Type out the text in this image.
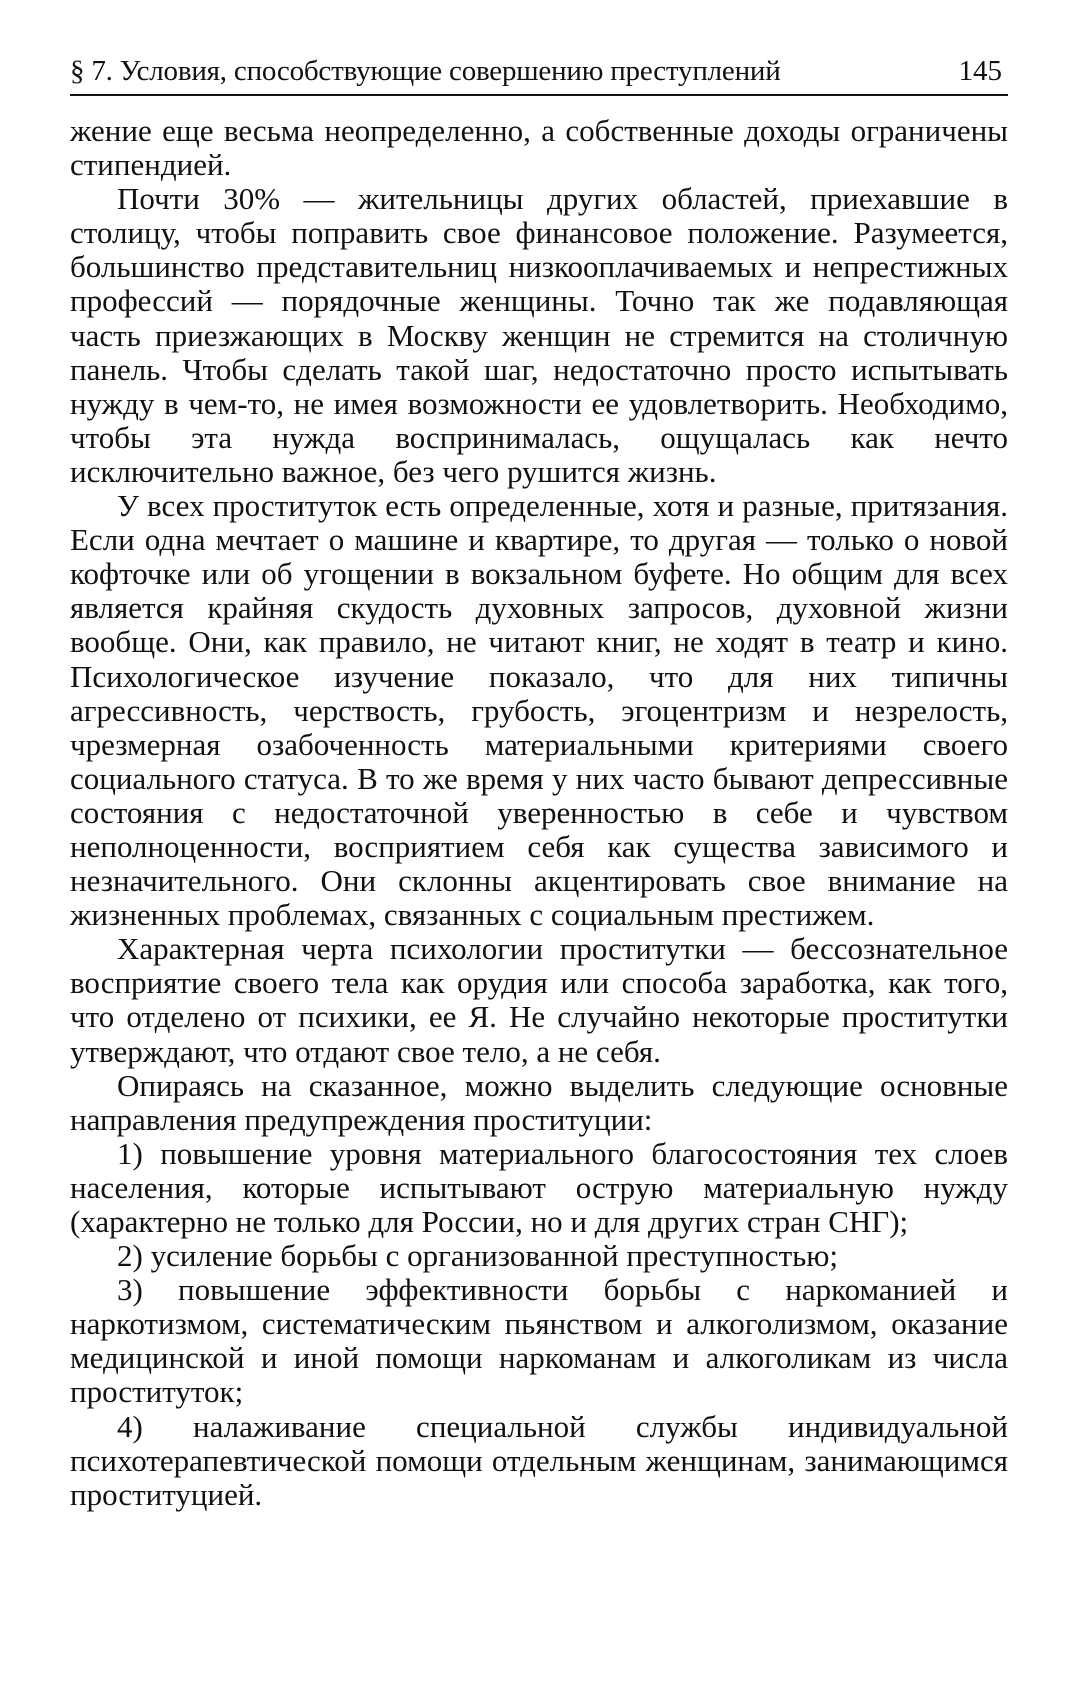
§ 7. Условия, способствующие совершению преступлений	145

жение еще весьма неопределенно, а собственные доходы ограничены стипендией.

Почти 30% — жительницы других областей, приехавшие в столицу, чтобы поправить свое финансовое положение. Разумеется, большинство представительниц низкооплачиваемых и непрестижных профессий — порядочные женщины. Точно так же подавляющая часть приезжающих в Москву женщин не стремится на столичную панель. Чтобы сделать такой шаг, недостаточно просто испытывать нужду в чем-то, не имея возможности ее удовлетворить. Необходимо, чтобы эта нужда воспринималась, ощущалась как нечто исключительно важное, без чего рушится жизнь.

У всех проституток есть определенные, хотя и разные, притязания. Если одна мечтает о машине и квартире, то другая — только о новой кофточке или об угощении в вокзальном буфете. Но общим для всех является крайняя скудость духовных запросов, духовной жизни вообще. Они, как правило, не читают книг, не ходят в театр и кино. Психологическое изучение показало, что для них типичны агрессивность, черствость, грубость, эгоцентризм и незрелость, чрезмерная озабоченность материальными критериями своего социального статуса. В то же время у них часто бывают депрессивные состояния с недостаточной уверенностью в себе и чувством неполноценности, восприятием себя как существа зависимого и незначительного. Они склонны акцентировать свое внимание на жизненных проблемах, связанных с социальным престижем.

Характерная черта психологии проститутки — бессознательное восприятие своего тела как орудия или способа заработка, как того, что отделено от психики, ее Я. Не случайно некоторые проститутки утверждают, что отдают свое тело, а не себя.

Опираясь на сказанное, можно выделить следующие основные направления предупреждения проституции:

1) повышение уровня материального благосостояния тех слоев населения, которые испытывают острую материальную нужду (характерно не только для России, но и для других стран СНГ);

2) усиление борьбы с организованной преступностью;

3) повышение эффективности борьбы с наркоманией и наркотизмом, систематическим пьянством и алкоголизмом, оказание медицинской и иной помощи наркоманам и алкоголикам из числа проституток;

4) налаживание специальной службы индивидуальной психотерапевтической помощи отдельным женщинам, занимающимся проституцией.
